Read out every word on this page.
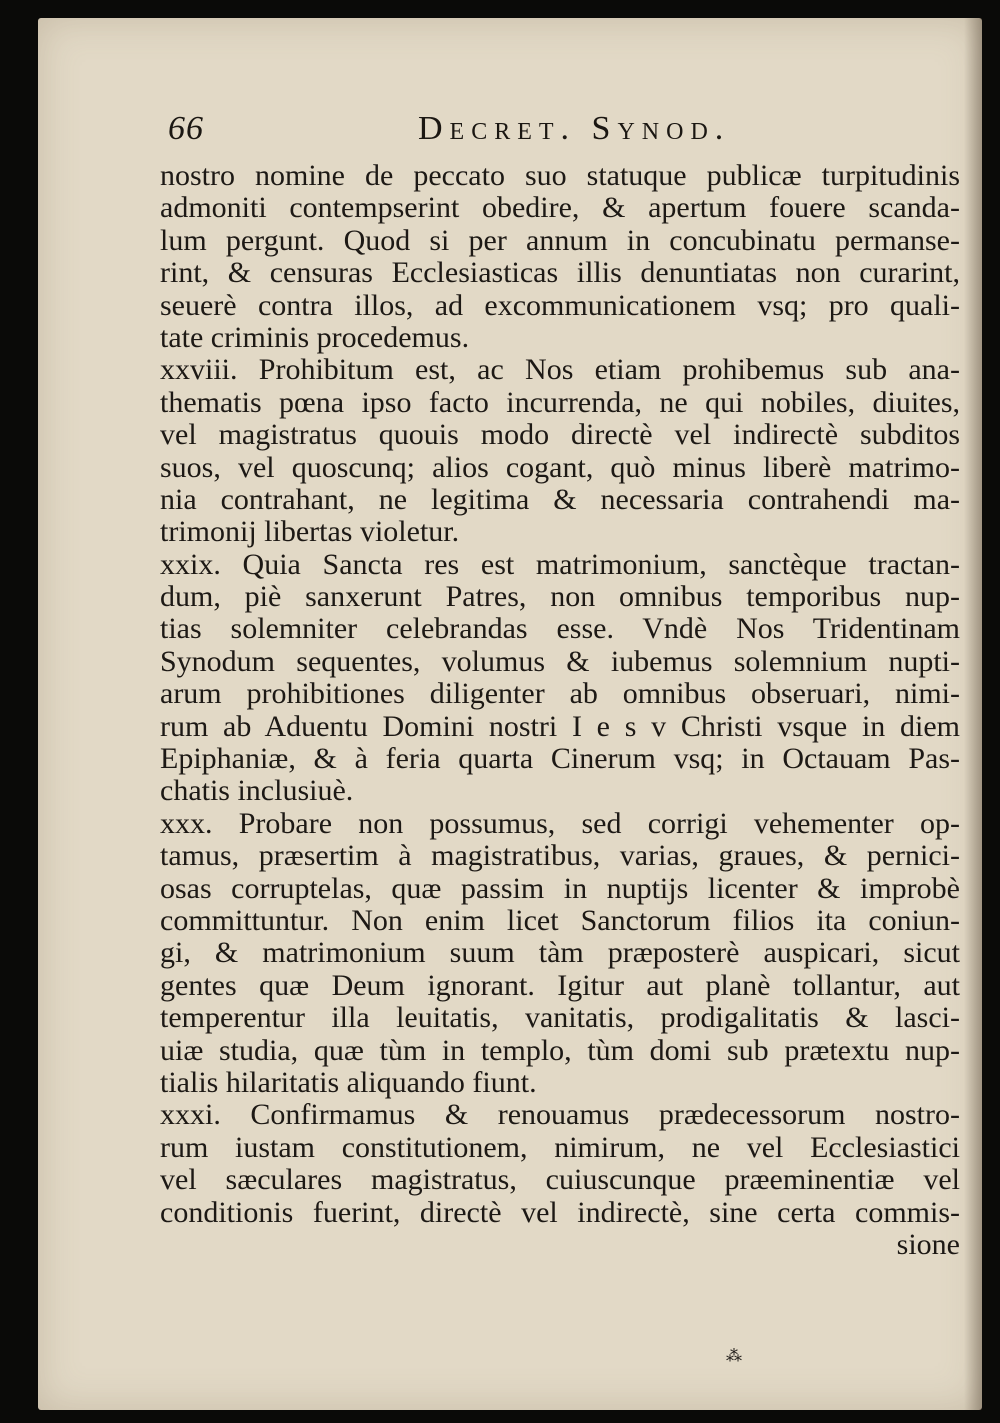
66	Decret. Synod.
nostro nomine de peccato suo statuque publicæ turpitudinis
admoniti contempserint obedire, & apertum fouere scanda-
lum pergunt. Quod si per annum in concubinatu permanse-
rint, & censuras Ecclesiasticas illis denuntiatas non curarint,
seuerè contra illos, ad excommunicationem vsq; pro quali-
tate criminis procedemus.
xxviii. Prohibitum est, ac Nos etiam prohibemus sub ana-
thematis pœna ipso facto incurrenda, ne qui nobiles, diuites,
vel magistratus quouis modo directè vel indirectè subditos
suos, vel quoscunq; alios cogant, quò minus liberè matrimo-
nia contrahant, ne legitima & necessaria contrahendi ma-
trimonij libertas violetur.
xxix. Quia Sancta res est matrimonium, sanctèque tractan-
dum, piè sanxerunt Patres, non omnibus temporibus nup-
tias solemniter celebrandas esse. Vndè Nos Tridentinam
Synodum sequentes, volumus & iubemus solemnium nupti-
arum prohibitiones diligenter ab omnibus obseruari, nimi-
rum ab Aduentu Domini nostri I e s v Christi vsque in diem
Epiphaniæ, & à feria quarta Cinerum vsq; in Octauam Pas-
chatis inclusiuè.
xxx. Probare non possumus, sed corrigi vehementer op-
tamus, præsertim à magistratibus, varias, graues, & pernici-
osas corruptelas, quæ passim in nuptijs licenter & improbè
committuntur. Non enim licet Sanctorum filios ita coniun-
gi, & matrimonium suum tàm præposterè auspicari, sicut
gentes quæ Deum ignorant. Igitur aut planè tollantur, aut
temperentur illa leuitatis, vanitatis, prodigalitatis & lasci-
uiæ studia, quæ tùm in templo, tùm domi sub prætextu nup-
tialis hilaritatis aliquando fiunt.
xxxi. Confirmamus & renouamus prædecessorum nostro-
rum iustam constitutionem, nimirum, ne vel Ecclesiastici
vel sæculares magistratus, cuiuscunque præeminentiæ vel
conditionis fuerint, directè vel indirectè, sine certa commis-
sione
⁂
